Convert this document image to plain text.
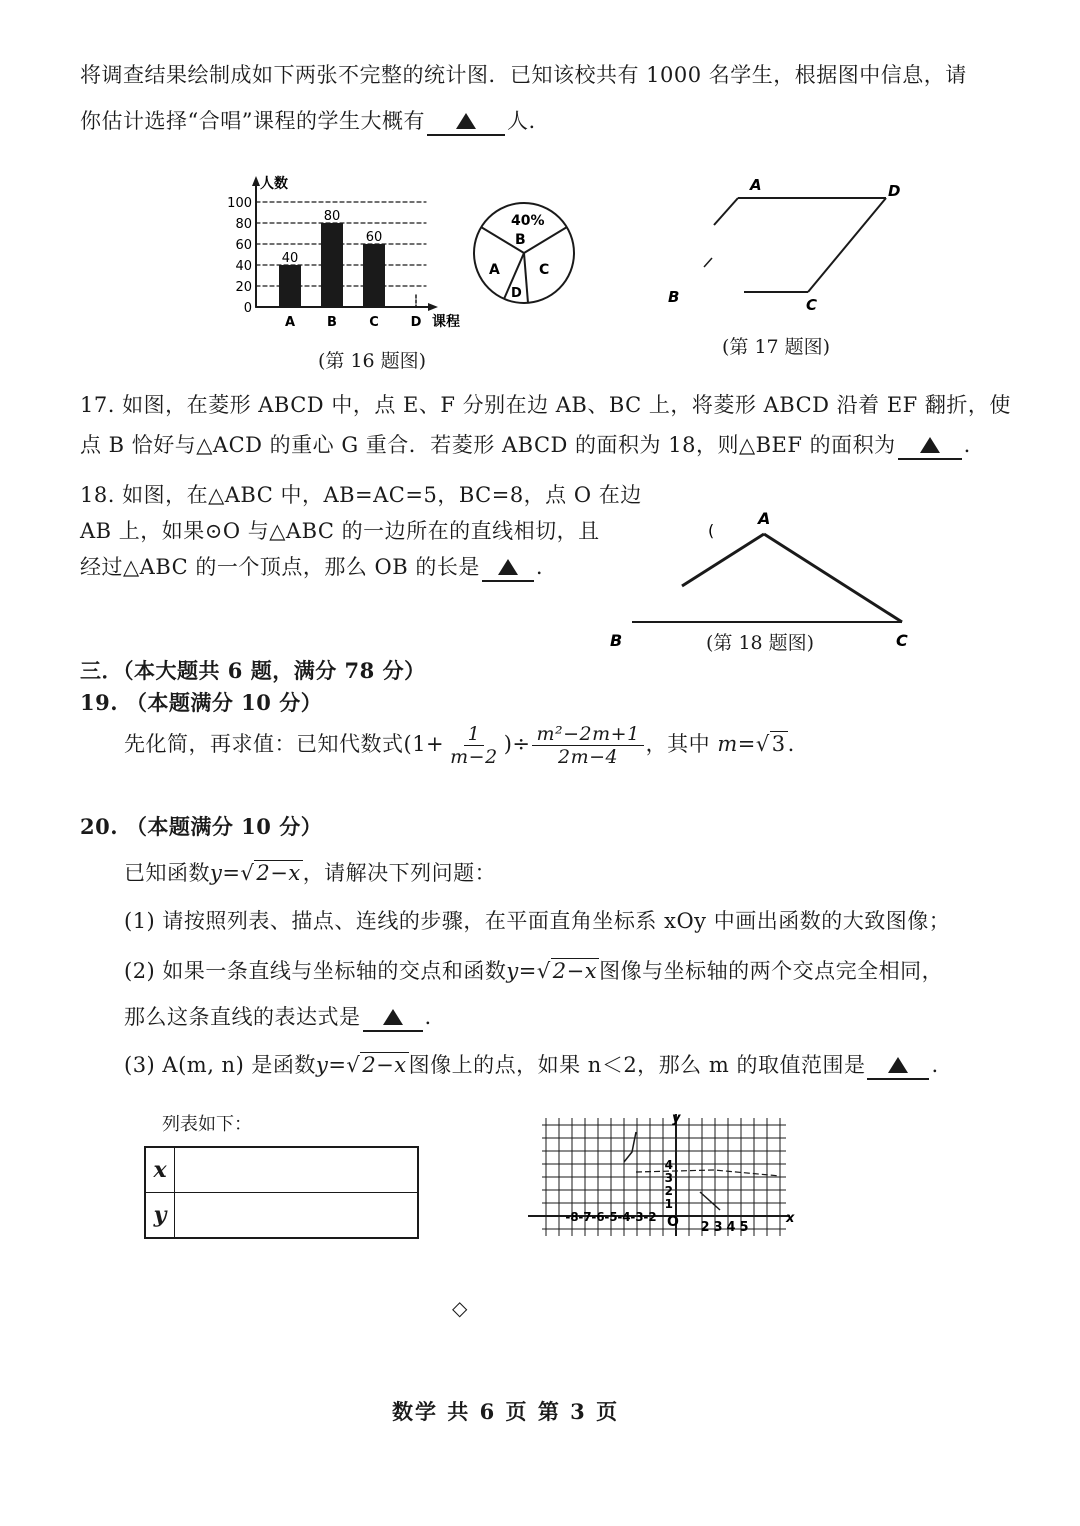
将调查结果绘制成如下两张不完整的统计图．已知该校共有 1000 名学生，根据图中信息，请
你估计选择“合唱”课程的学生大概有	人.
0
20
40
60
80
100
人数
课程
40
A
80
B
60
C D
40%
B
A	C
D
(第 16 题图)
A
B	C
D
(第 17 题图)
17. 如图，在菱形 ABCD 中，点 E、F 分别在边 AB、BC 上，将菱形 ABCD 沿着 EF 翻折，使
点 B 恰好与△ACD 的重心 G 重合．若菱形 ABCD 的面积为 18，则△BEF 的面积为	.
18. 如图，在△ABC 中，AB=AC=5，BC=8，点 O 在边
AB 上，如果⊙O 与△ABC 的一边所在的直线相切，且
经过△ABC 的一个顶点，那么 OB 的长是	.
(
A
B	C
(第 18 题图)
三．（本大题共 6 题，满分 78 分）
19. （本题满分 10 分）
先化简，再求值：已知代数式($1+ \frac{1}{m-2}$ )÷ $\frac{\text{m²−2m+1}}{2m-4}$ ，其中 m=√3.
20. （本题满分 10 分）
已知函数y=√2−x，请解决下列问题：
(1) 请按照列表、描点、连线的步骤，在平面直角坐标系 xOy 中画出函数的大致图像；
(2) 如果一条直线与坐标轴的交点和函数y=√2−x图像与坐标轴的两个交点完全相同，
那么这条直线的表达式是	.
(3) A(m, n) 是函数y=√2−x图像上的点，如果 n＜2，那么 m 的取值范围是	.
列表如下：
x	
y	
y
x
O
-8 -7 -6 -5 -4 -3 -2
2 3 4 5
1
2
3
4
◇
数学 共 6 页 第 3 页
